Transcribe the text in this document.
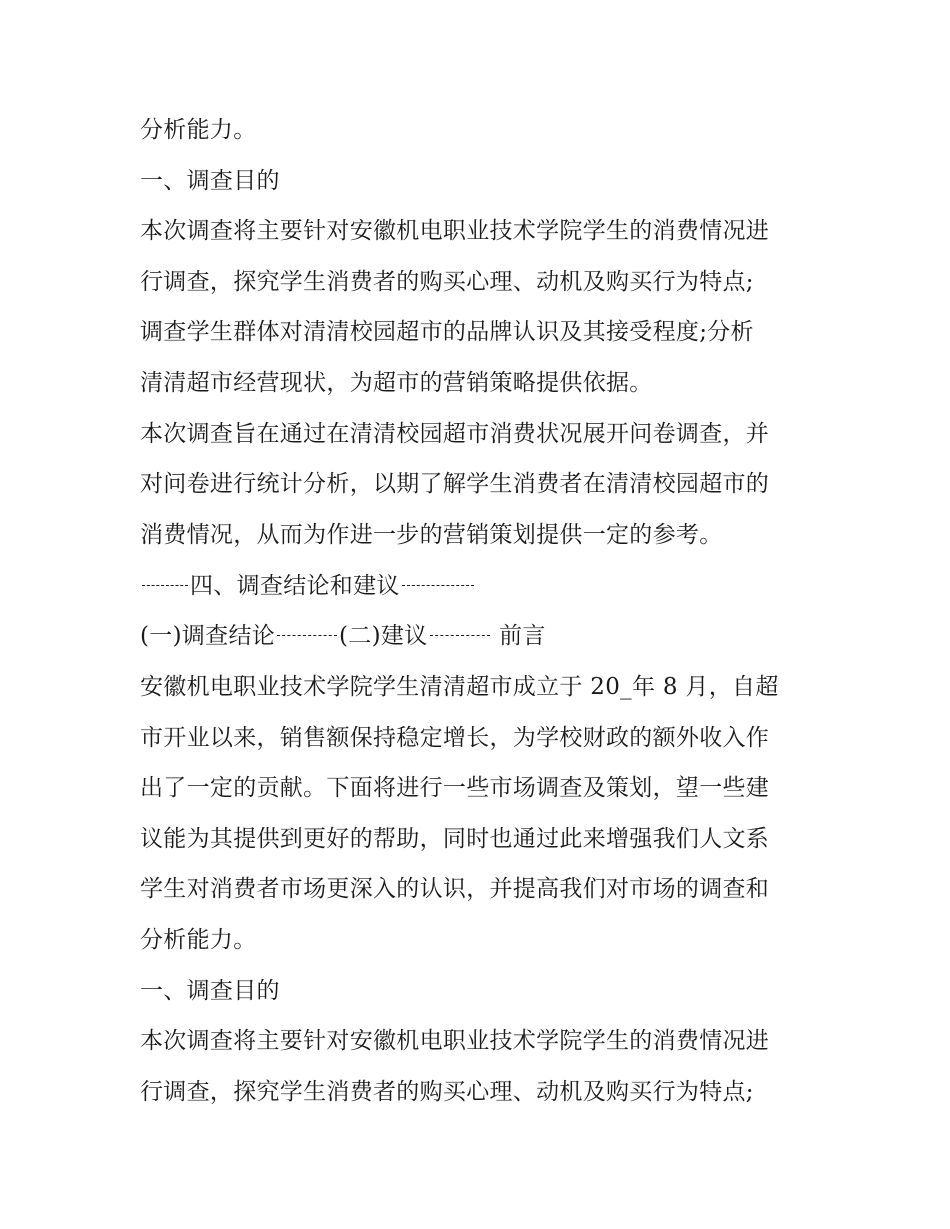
分析能力。
一、调查目的
本次调查将主要针对安徽机电职业技术学院学生的消费情况进
行调查，探究学生消费者的购买心理、动机及购买行为特点;
调查学生群体对清清校园超市的品牌认识及其接受程度;分析
清清超市经营现状，为超市的营销策略提供依据。
本次调查旨在通过在清清校园超市消费状况展开问卷调查，并
对问卷进行统计分析，以期了解学生消费者在清清校园超市的
消费情况，从而为作进一步的营销策划提供一定的参考。
四、调查结论和建议
(一)调查结论	(二)建议	前言
安徽机电职业技术学院学生清清超市成立于 20_年 8 月，自超
市开业以来，销售额保持稳定增长，为学校财政的额外收入作
出了一定的贡献。下面将进行一些市场调查及策划，望一些建
议能为其提供到更好的帮助，同时也通过此来增强我们人文系
学生对消费者市场更深入的认识，并提高我们对市场的调查和
分析能力。
一、调查目的
本次调查将主要针对安徽机电职业技术学院学生的消费情况进
行调查，探究学生消费者的购买心理、动机及购买行为特点;
